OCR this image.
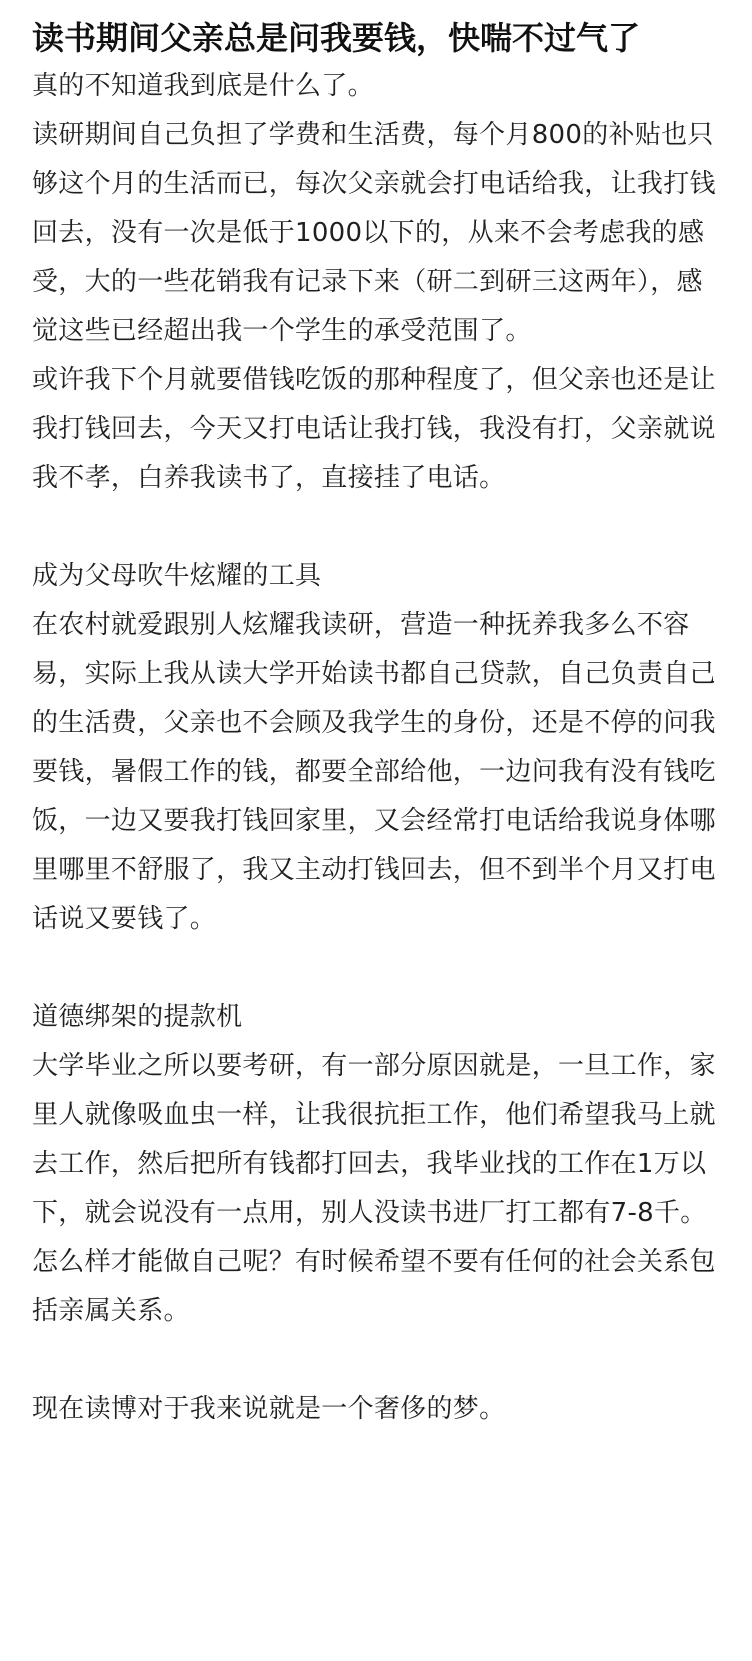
读书期间父亲总是问我要钱，快喘不过气了

真的不知道我到底是什么了。

读研期间自己负担了学费和生活费，每个月800的补贴也只够这个月的生活而已，每次父亲就会打电话给我，让我打钱回去，没有一次是低于1000以下的，从来不会考虑我的感受，大的一些花销我有记录下来（研二到研三这两年），感觉这些已经超出我一个学生的承受范围了。

或许我下个月就要借钱吃饭的那种程度了，但父亲也还是让我打钱回去，今天又打电话让我打钱，我没有打，父亲就说我不孝，白养我读书了，直接挂了电话。

成为父母吹牛炫耀的工具

在农村就爱跟别人炫耀我读研，营造一种抚养我多么不容易，实际上我从读大学开始读书都自己贷款，自己负责自己的生活费，父亲也不会顾及我学生的身份，还是不停的问我要钱，暑假工作的钱，都要全部给他，一边问我有没有钱吃饭，一边又要我打钱回家里，又会经常打电话给我说身体哪里哪里不舒服了，我又主动打钱回去，但不到半个月又打电话说又要钱了。

道德绑架的提款机

大学毕业之所以要考研，有一部分原因就是，一旦工作，家里人就像吸血虫一样，让我很抗拒工作，他们希望我马上就去工作，然后把所有钱都打回去，我毕业找的工作在1万以下，就会说没有一点用，别人没读书进厂打工都有7-8千。

怎么样才能做自己呢？有时候希望不要有任何的社会关系包括亲属关系。

现在读博对于我来说就是一个奢侈的梦。
